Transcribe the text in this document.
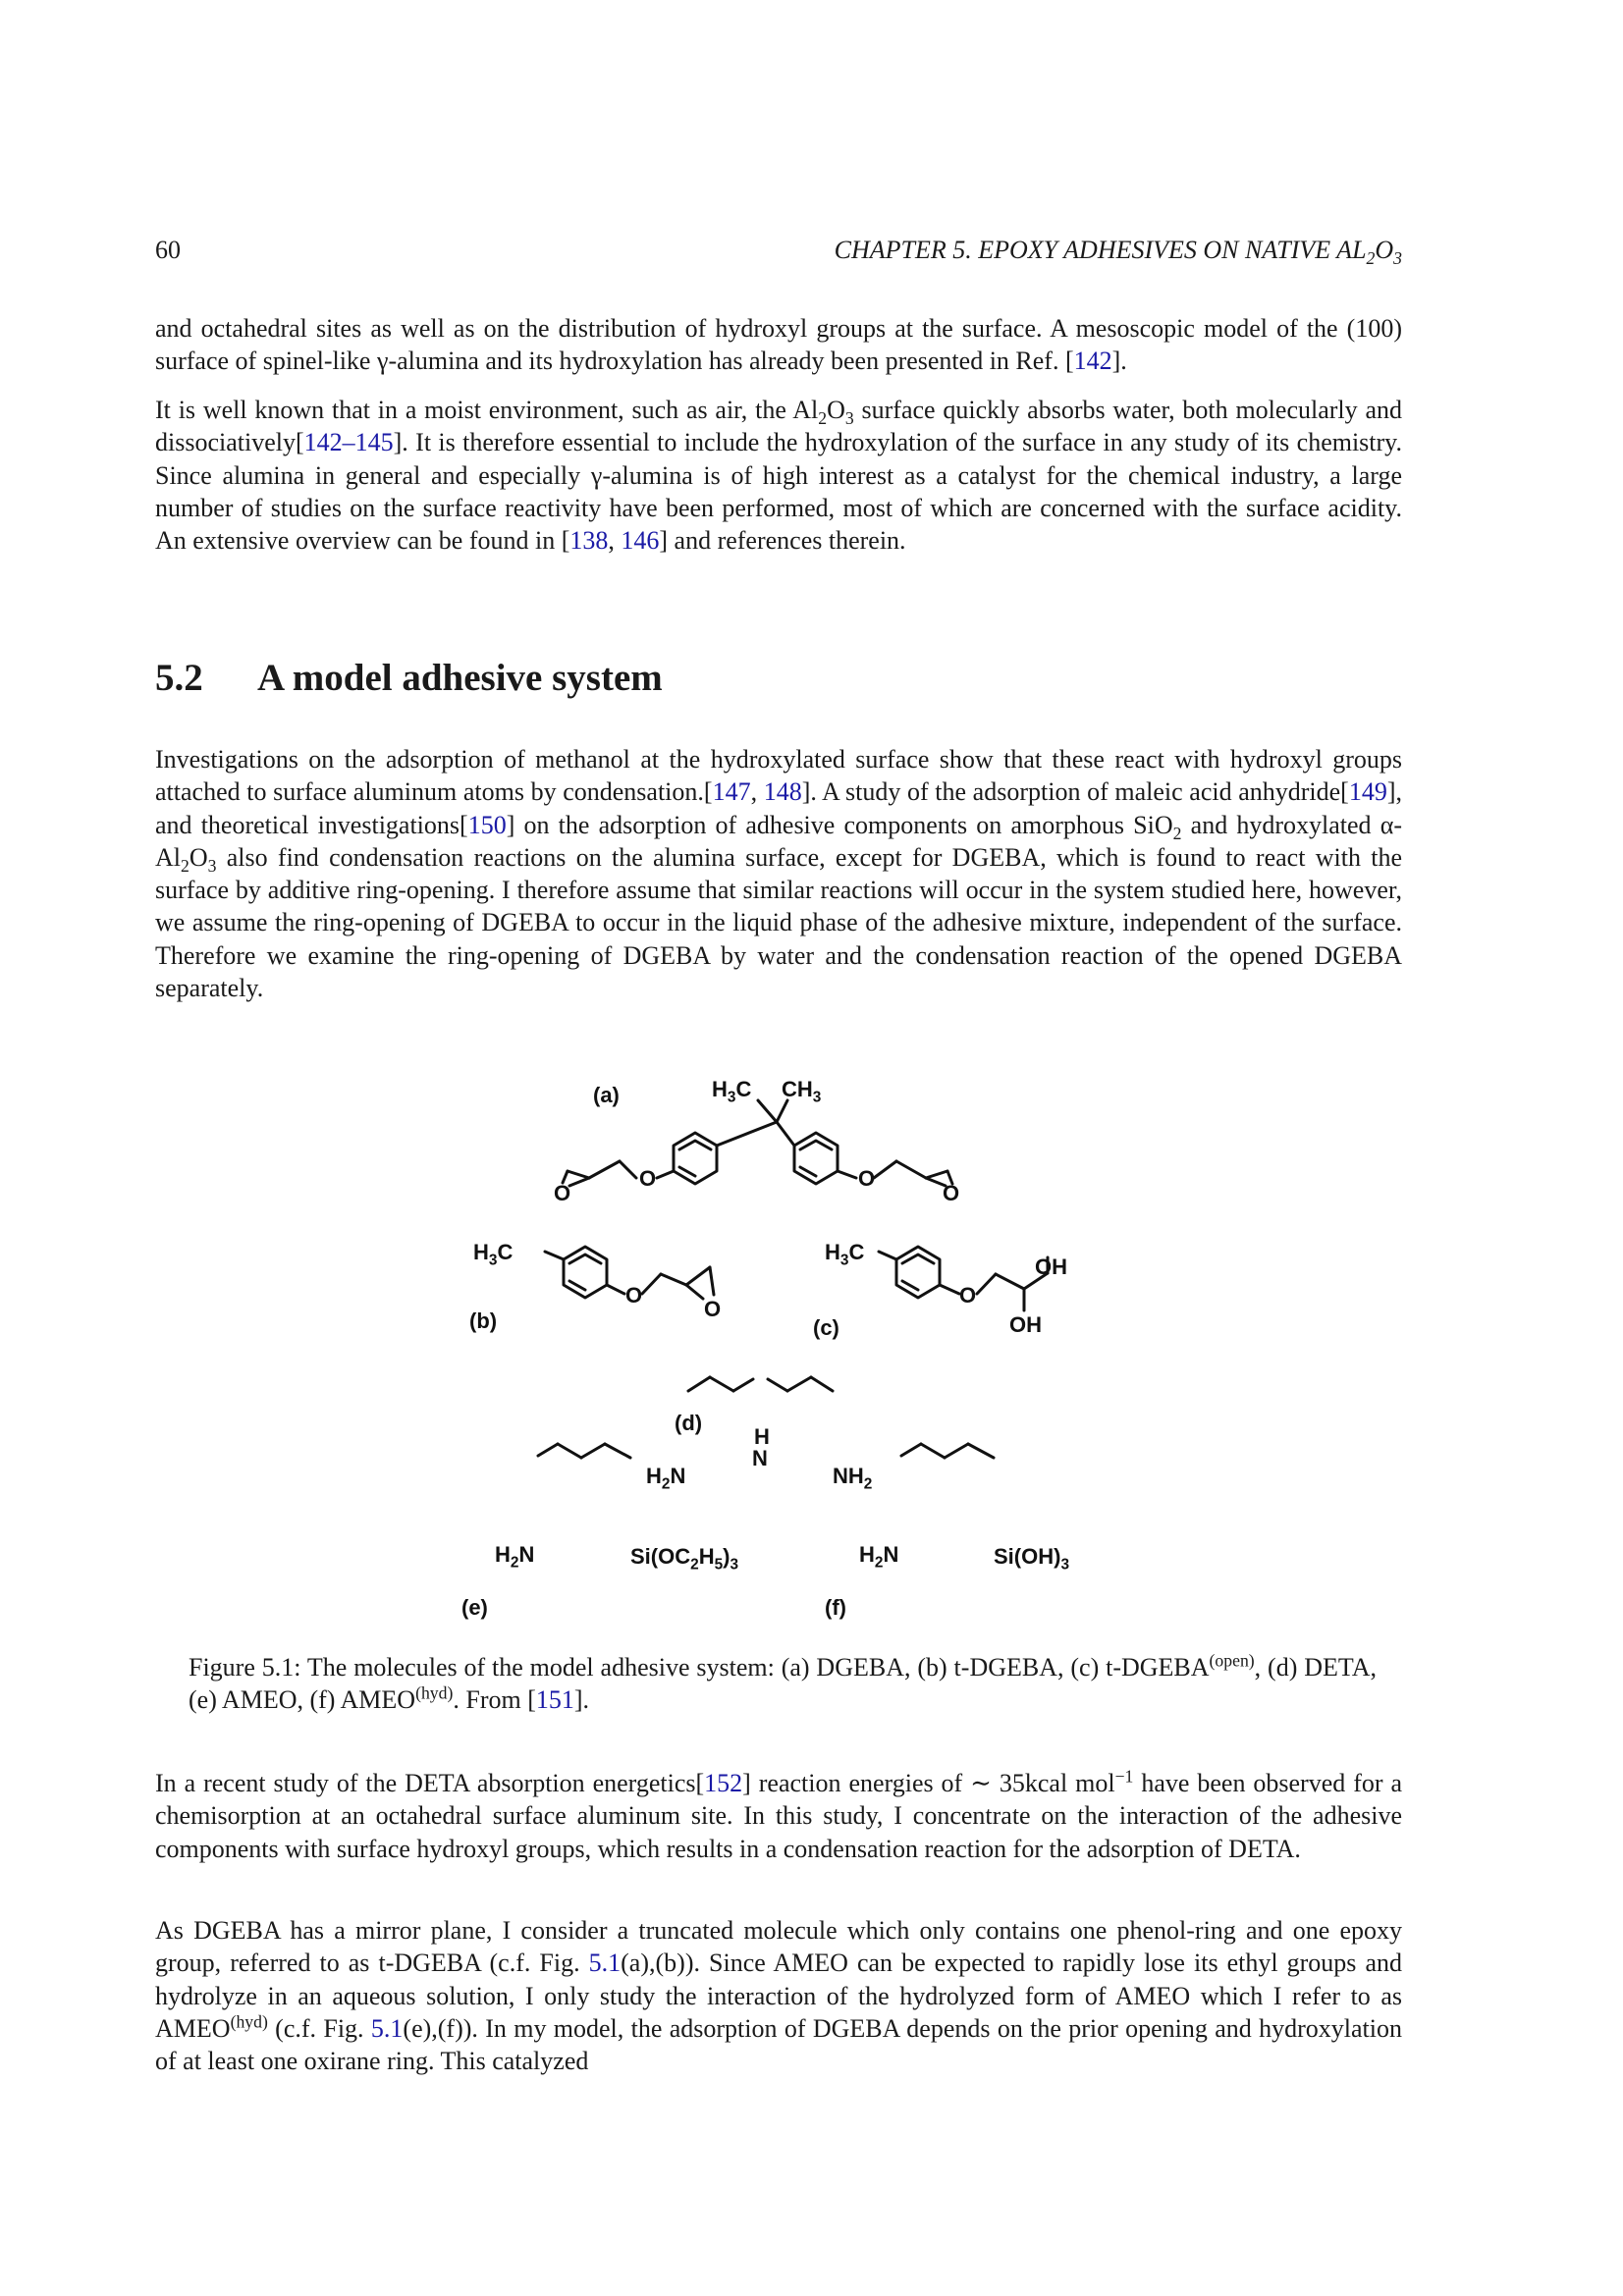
60	CHAPTER 5. EPOXY ADHESIVES ON NATIVE $AL_2O_3$

and octahedral sites as well as on the distribution of hydroxyl groups at the surface. A mesoscopic model of the (100) surface of spinel-like γ-alumina and its hydroxylation has already been presented in Ref. [142].

It is well known that in a moist environment, such as air, the $Al_2O_3$ surface quickly absorbs water, both molecularly and dissociatively[142–145]. It is therefore essential to include the hydroxylation of the surface in any study of its chemistry. Since alumina in general and especially γ-alumina is of high interest as a catalyst for the chemical industry, a large number of studies on the surface reactivity have been performed, most of which are concerned with the surface acidity. An extensive overview can be found in [138, 146] and references therein.

5.2 A model adhesive system

Investigations on the adsorption of methanol at the hydroxylated surface show that these react with hydroxyl groups attached to surface aluminum atoms by condensation.[147, 148]. A study of the adsorption of maleic acid anhydride[149], and theoretical investigations[150] on the adsorption of adhesive components on amorphous SiO$_2$ and hydroxylated $\alpha-Al_2O_3$ also find condensation reactions on the alumina surface, except for DGEBA, which is found to react with the surface by additive ring-opening. I therefore assume that similar reactions will occur in the system studied here, however, we assume the ring-opening of DGEBA to occur in the liquid phase of the adhesive mixture, independent of the surface. Therefore we examine the ring-opening of DGEBA by water and the condensation reaction of the opened DGEBA separately.

(a)
(b)	(c)
(d)
(e)	(f)
$H_3C$ $CH_3$
O
O
O
O
$H_3C$
O
O
$H_3C$
O
OH
OH
H
N
$H_2N$	$NH_2$
$H_2N$	$Si(OC_2H_5)_3$	$H_2N$	$Si(OH)_3$

Figure 5.1: The molecules of the model adhesive system: (a) DGEBA, (b) t-DGEBA, (c) $t-DGEBA^{(open)}$, (d) DETA, (e) AMEO, (f) $AMEO^{(hyd)}$. From [151].

In a recent study of the DETA absorption energetics[152] reaction energies of ∼ 35kcal mol$^{-1}$ have been observed for a chemisorption at an octahedral surface aluminum site. In this study, I concentrate on the interaction of the adhesive components with surface hydroxyl groups, which results in a condensation reaction for the adsorption of DETA.

As DGEBA has a mirror plane, I consider a truncated molecule which only contains one phenol-ring and one epoxy group, referred to as t-DGEBA (c.f. Fig. 5.1(a),(b)). Since AMEO can be expected to rapidly lose its ethyl groups and hydrolyze in an aqueous solution, I only study the interaction of the hydrolyzed form of AMEO which I refer to as $AMEO^{(hyd)}$ (c.f. Fig. 5.1(e),(f)). In my model, the adsorption of DGEBA depends on the prior opening and hydroxylation of at least one oxirane ring. This catalyzed
